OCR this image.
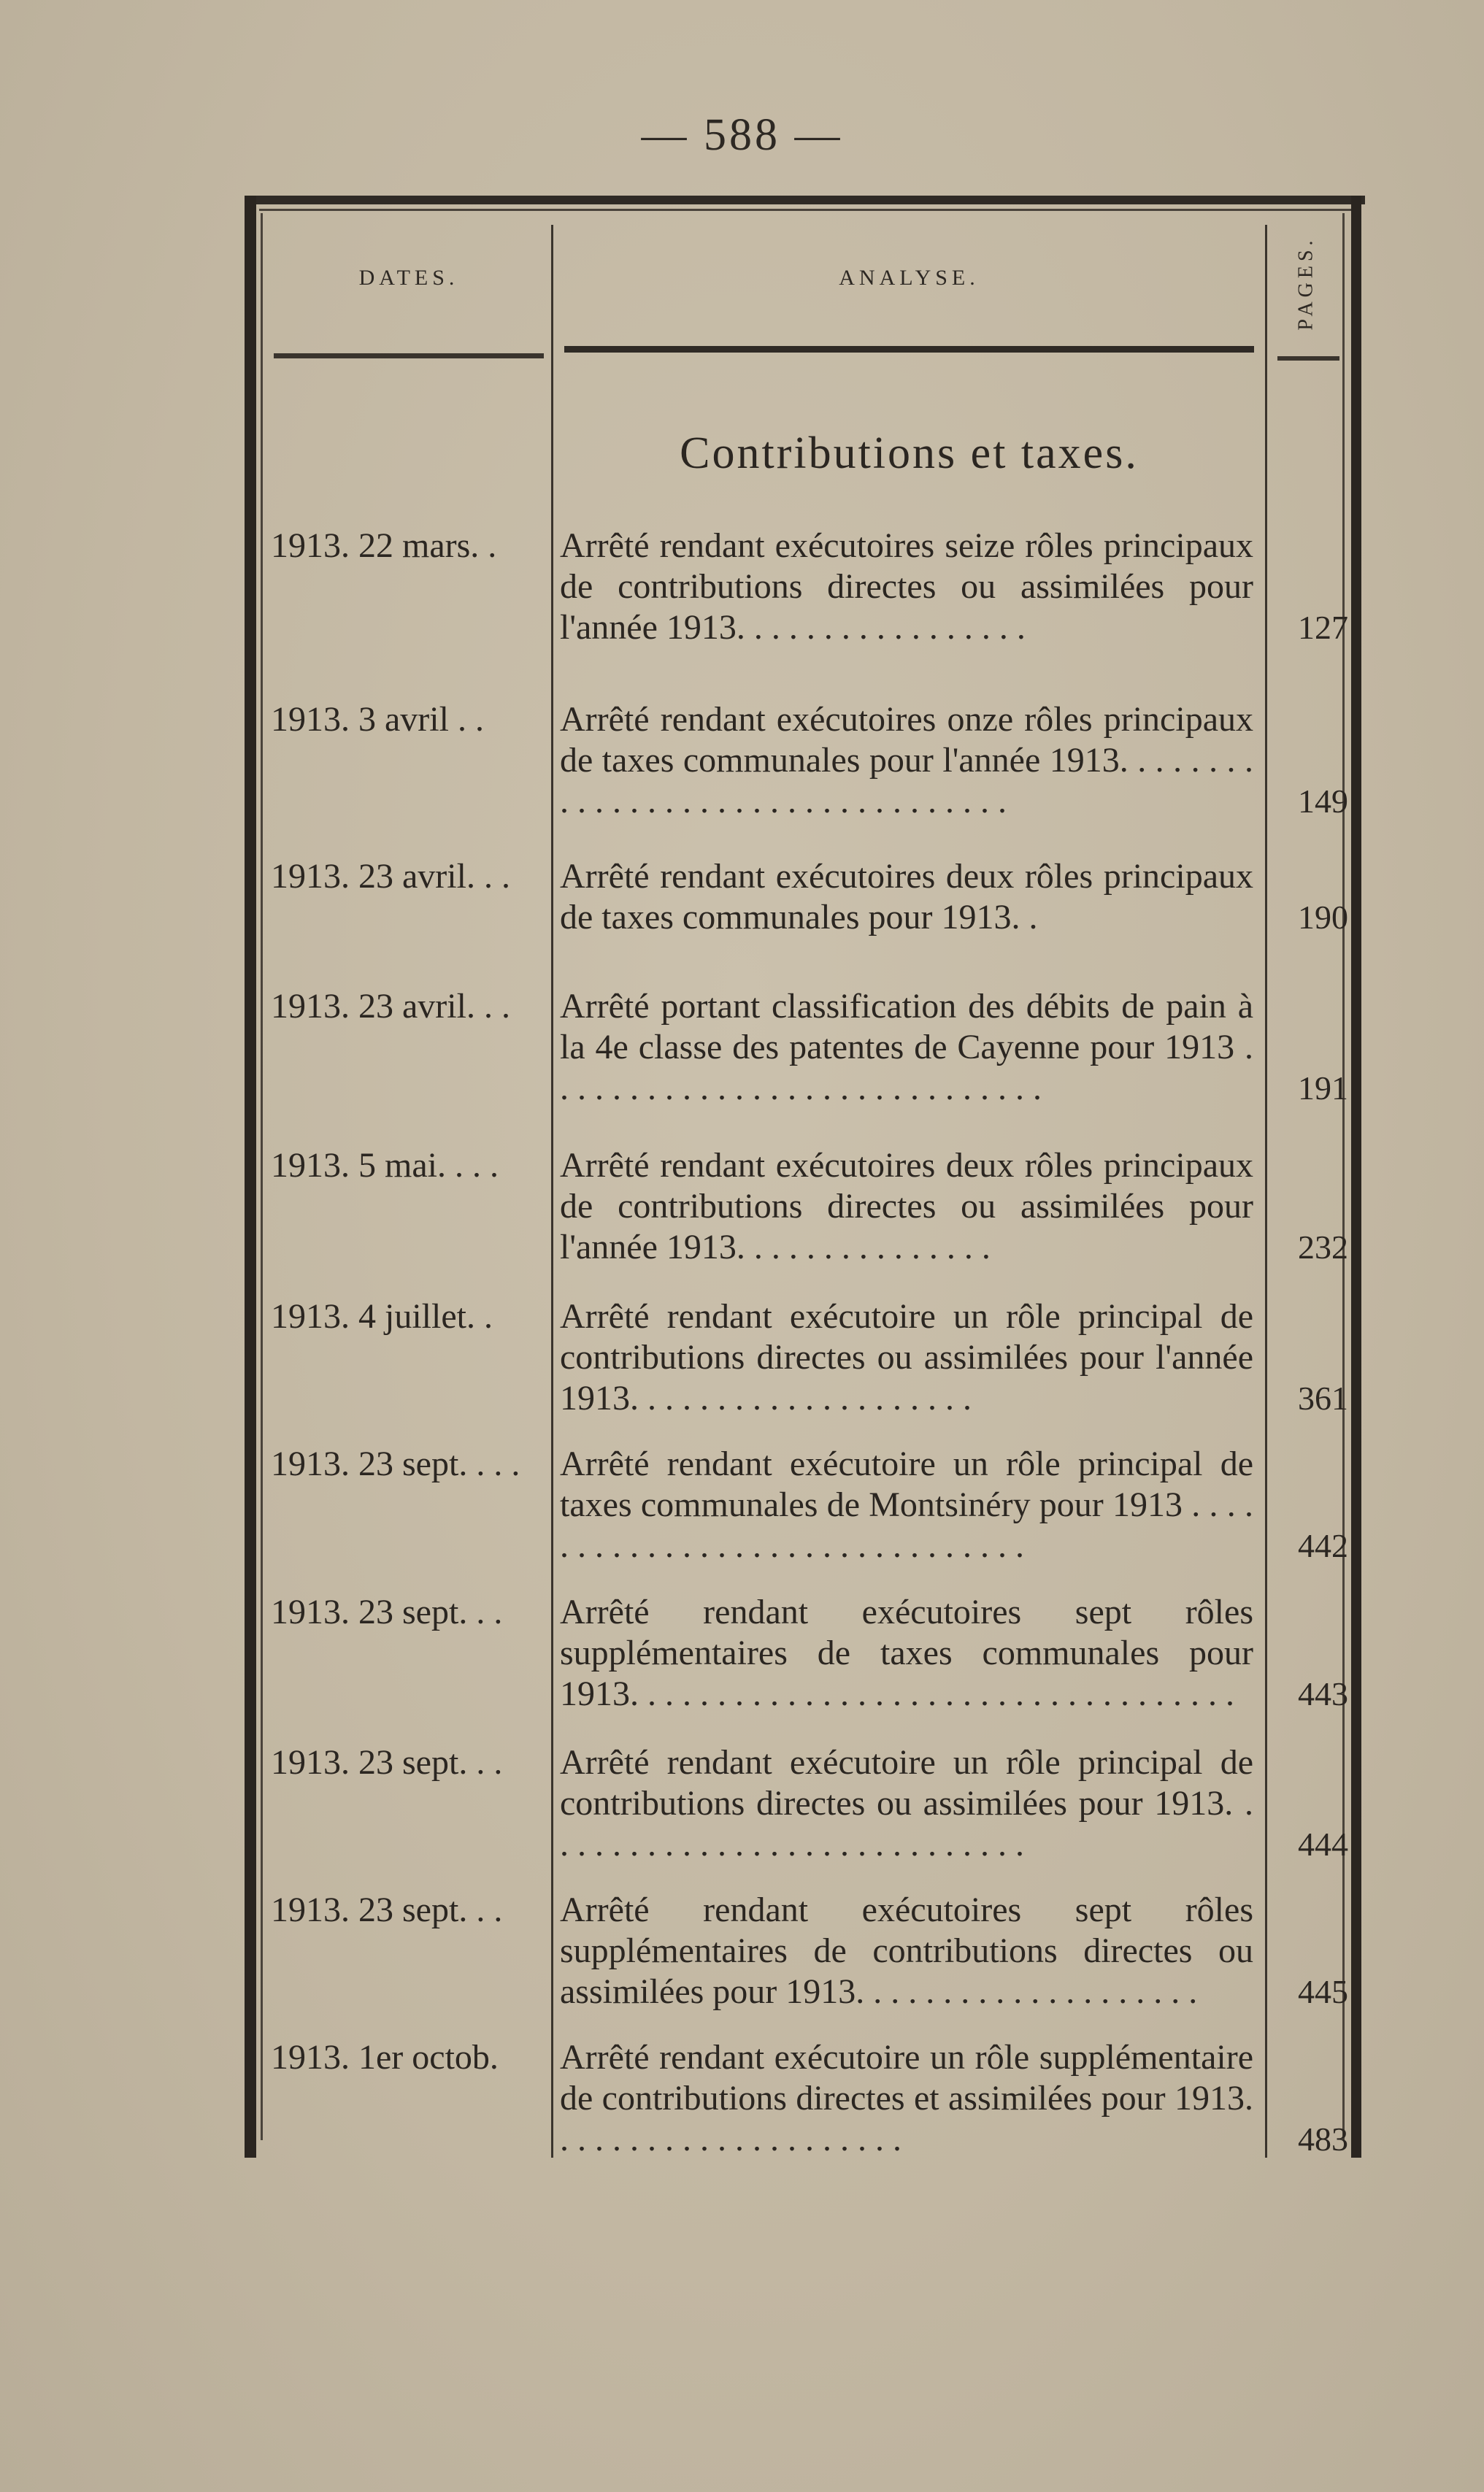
— 588 —
DATES.	ANALYSE.	PAGES.
Contributions et taxes.
1913. 22 mars. .	Arrêté rendant exécutoires seize rôles principaux de contributions directes ou assimilées pour l'année 1913. . . . . . . . . . . . . . . . .	127
1913. 3 avril . .	Arrêté rendant exécutoires onze rôles principaux de taxes communales pour l'année 1913. . . . . . . . . . . . . . . . . . . . . . . . . . . . . . . . . .	149
1913. 23 avril. . .	Arrêté rendant exécutoires deux rôles principaux de taxes communales pour 1913. .	190
1913. 23 avril. . .	Arrêté portant classification des débits de pain à la 4e classe des patentes de Cayenne pour 1913 . . . . . . . . . . . . . . . . . . . . . . . . . . . . .	191
1913. 5 mai. . . .	Arrêté rendant exécutoires deux rôles principaux de contributions directes ou assimilées pour l'année 1913. . . . . . . . . . . . . . .	232
1913. 4 juillet. .	Arrêté rendant exécutoire un rôle principal de contributions directes ou assimilées pour l'année 1913. . . . . . . . . . . . . . . . . . . .	361
1913. 23 sept. . . .	Arrêté rendant exécutoire un rôle principal de taxes communales de Montsinéry pour 1913 . . . . . . . . . . . . . . . . . . . . . . . . . . . . . . .	442
1913. 23 sept. . .	Arrêté rendant exécutoires sept rôles supplémentaires de taxes communales pour 1913. . . . . . . . . . . . . . . . . . . . . . . . . . . . . . . . . . .	443
1913. 23 sept. . .	Arrêté rendant exécutoire un rôle principal de contributions directes ou assimilées pour 1913. . . . . . . . . . . . . . . . . . . . . . . . . . . . .	444
1913. 23 sept. . .	Arrêté rendant exécutoires sept rôles supplémentaires de contributions directes ou assimilées pour 1913. . . . . . . . . . . . . . . . . . . .	445
1913. 1er octob.	Arrêté rendant exécutoire un rôle supplémentaire de contributions directes et assimilées pour 1913. . . . . . . . . . . . . . . . . . . . .	483
